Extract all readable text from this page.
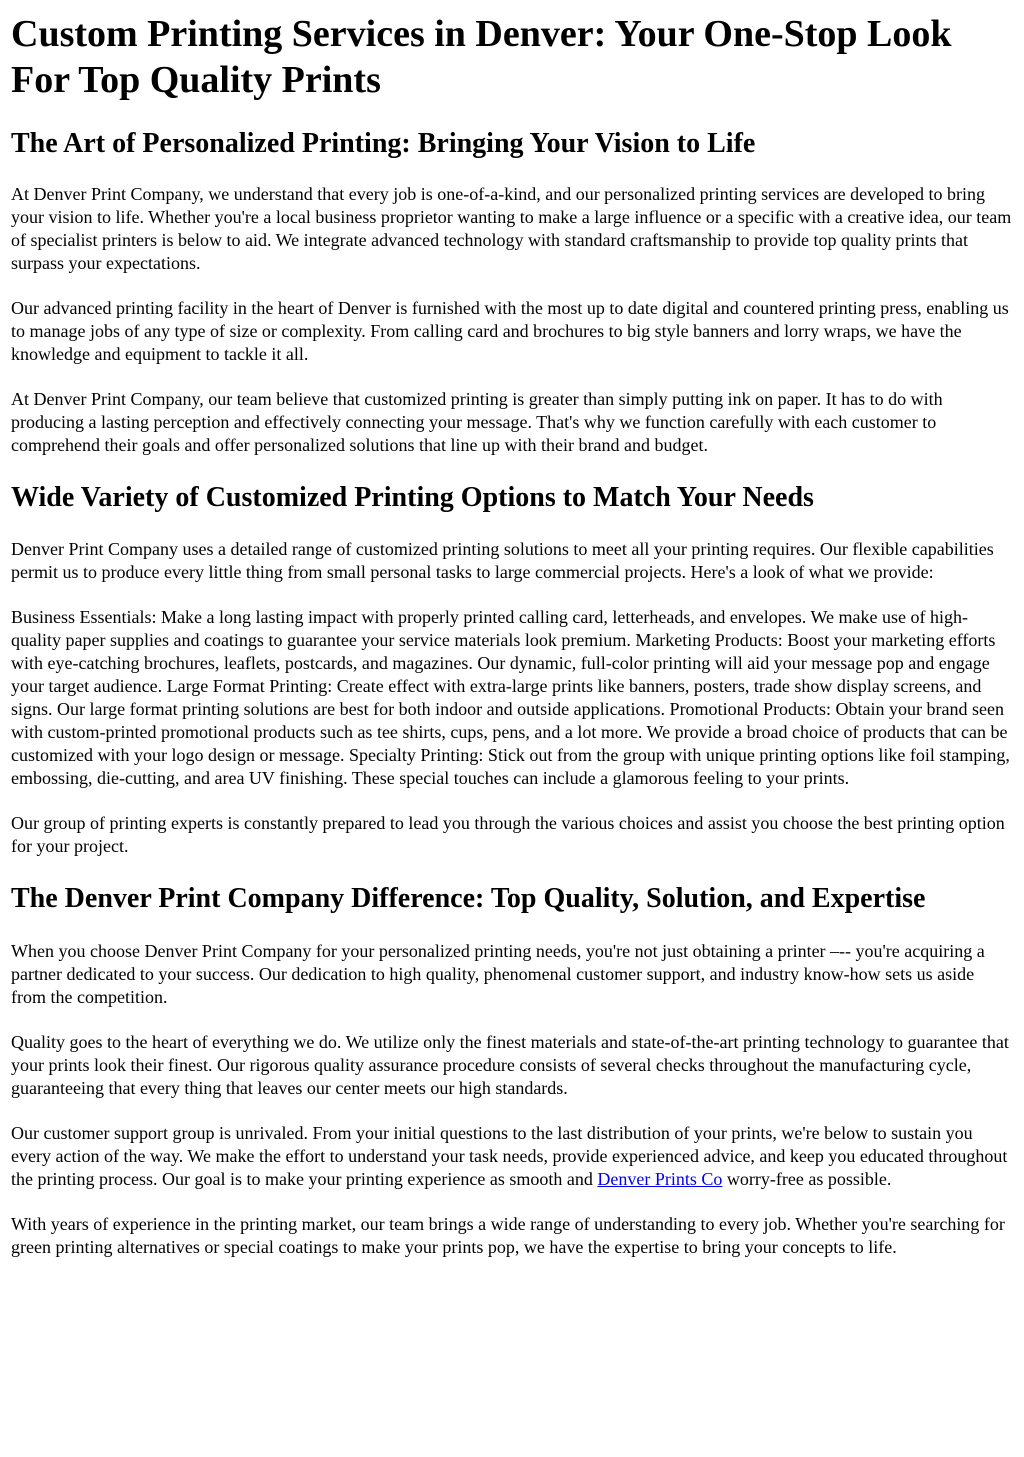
Custom Printing Services in Denver: Your One-Stop Look For Top Quality Prints
The Art of Personalized Printing: Bringing Your Vision to Life

At Denver Print Company, we understand that every job is one-of-a-kind, and our personalized printing services are developed to bring your vision to life. Whether you're a local business proprietor wanting to make a large influence or a specific with a creative idea, our team of specialist printers is below to aid. We integrate advanced technology with standard craftsmanship to provide top quality prints that surpass your expectations.

Our advanced printing facility in the heart of Denver is furnished with the most up to date digital and countered printing press, enabling us to manage jobs of any type of size or complexity. From calling card and brochures to big style banners and lorry wraps, we have the knowledge and equipment to tackle it all.

At Denver Print Company, our team believe that customized printing is greater than simply putting ink on paper. It has to do with producing a lasting perception and effectively connecting your message. That's why we function carefully with each customer to comprehend their goals and offer personalized solutions that line up with their brand and budget.

Wide Variety of Customized Printing Options to Match Your Needs

Denver Print Company uses a detailed range of customized printing solutions to meet all your printing requires. Our flexible capabilities permit us to produce every little thing from small personal tasks to large commercial projects. Here's a look of what we provide:

Business Essentials: Make a long lasting impact with properly printed calling card, letterheads, and envelopes. We make use of high-quality paper supplies and coatings to guarantee your service materials look premium. Marketing Products: Boost your marketing efforts with eye-catching brochures, leaflets, postcards, and magazines. Our dynamic, full-color printing will aid your message pop and engage your target audience. Large Format Printing: Create effect with extra-large prints like banners, posters, trade show display screens, and signs. Our large format printing solutions are best for both indoor and outside applications. Promotional Products: Obtain your brand seen with custom-printed promotional products such as tee shirts, cups, pens, and a lot more. We provide a broad choice of products that can be customized with your logo design or message. Specialty Printing: Stick out from the group with unique printing options like foil stamping, embossing, die-cutting, and area UV finishing. These special touches can include a glamorous feeling to your prints.

Our group of printing experts is constantly prepared to lead you through the various choices and assist you choose the best printing option for your project.

The Denver Print Company Difference: Top Quality, Solution, and Expertise

When you choose Denver Print Company for your personalized printing needs, you're not just obtaining a printer –-- you're acquiring a partner dedicated to your success. Our dedication to high quality, phenomenal customer support, and industry know-how sets us aside from the competition.

Quality goes to the heart of everything we do. We utilize only the finest materials and state-of-the-art printing technology to guarantee that your prints look their finest. Our rigorous quality assurance procedure consists of several checks throughout the manufacturing cycle, guaranteeing that every thing that leaves our center meets our high standards.

Our customer support group is unrivaled. From your initial questions to the last distribution of your prints, we're below to sustain you every action of the way. We make the effort to understand your task needs, provide experienced advice, and keep you educated throughout the printing process. Our goal is to make your printing experience as smooth and Denver Prints Co worry-free as possible.

With years of experience in the printing market, our team brings a wide range of understanding to every job. Whether you're searching for green printing alternatives or special coatings to make your prints pop, we have the expertise to bring your concepts to life.
